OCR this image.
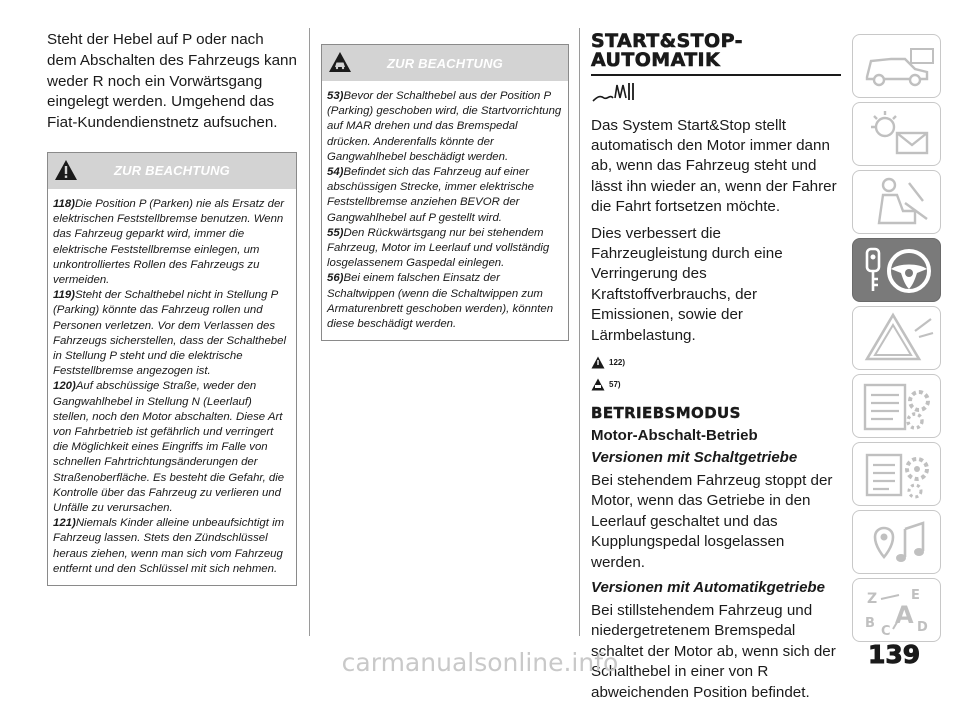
Steht der Hebel auf P oder nach dem Abschalten des Fahrzeugs kann weder R noch ein Vorwärtsgang eingelegt werden. Umgehend das Fiat-Kundendienstnetz aufsuchen.

ZUR BEACHTUNG

118)Die Position P (Parken) nie als Ersatz der elektrischen Feststellbremse benutzen. Wenn das Fahrzeug geparkt wird, immer die elektrische Feststellbremse einlegen, um unkontrolliertes Rollen des Fahrzeugs zu vermeiden.

119)Steht der Schalthebel nicht in Stellung P (Parking) könnte das Fahrzeug rollen und Personen verletzen. Vor dem Verlassen des Fahrzeugs sicherstellen, dass der Schalthebel in Stellung P steht und die elektrische Feststellbremse angezogen ist.

120)Auf abschüssige Straße, weder den Gangwahlhebel in Stellung N (Leerlauf) stellen, noch den Motor abschalten. Diese Art von Fahrbetrieb ist gefährlich und verringert die Möglichkeit eines Eingriffs im Falle von schnellen Fahrtrichtungsänderungen der Straßenoberfläche. Es besteht die Gefahr, die Kontrolle über das Fahrzeug zu verlieren und Unfälle zu verursachen.

121)Niemals Kinder alleine unbeaufsichtigt im Fahrzeug lassen. Stets den Zündschlüssel heraus ziehen, wenn man sich vom Fahrzeug entfernt und den Schlüssel mit sich nehmen.

ZUR BEACHTUNG

53)Bevor der Schalthebel aus der Position P (Parking) geschoben wird, die Startvorrichtung auf MAR drehen und das Bremspedal drücken. Anderenfalls könnte der Gangwahlhebel beschädigt werden.

54)Befindet sich das Fahrzeug auf einer abschüssigen Strecke, immer elektrische Feststellbremse anziehen BEVOR der Gangwahlhebel auf P gestellt wird.

55)Den Rückwärtsgang nur bei stehendem Fahrzeug, Motor im Leerlauf und vollständig losgelassenem Gaspedal einlegen.

56)Bei einem falschen Einsatz der Schaltwippen (wenn die Schaltwippen zum Armaturenbrett geschoben werden), könnten diese beschädigt werden.

START&STOP-
AUTOMATIK

Das System Start&Stop stellt automatisch den Motor immer dann ab, wenn das Fahrzeug steht und lässt ihn wieder an, wenn der Fahrer die Fahrt fortsetzen möchte.

Dies verbessert die Fahrzeugleistung durch eine Verringerung des Kraftstoffverbrauchs, der Emissionen, sowie der Lärmbelastung.

122)
57)

BETRIEBSMODUS

Motor-Abschalt-Betrieb

Versionen mit Schaltgetriebe

Bei stehendem Fahrzeug stoppt der Motor, wenn das Getriebe in den Leerlauf geschaltet und das Kupplungspedal losgelassen werden.

Versionen mit Automatikgetriebe

Bei stillstehendem Fahrzeug und niedergetretenem Bremspedal schaltet der Motor ab, wenn sich der Schalthebel in einer von R abweichenden Position befindet.

Z	E
B
C
A D
139
carmanualsonline.info
